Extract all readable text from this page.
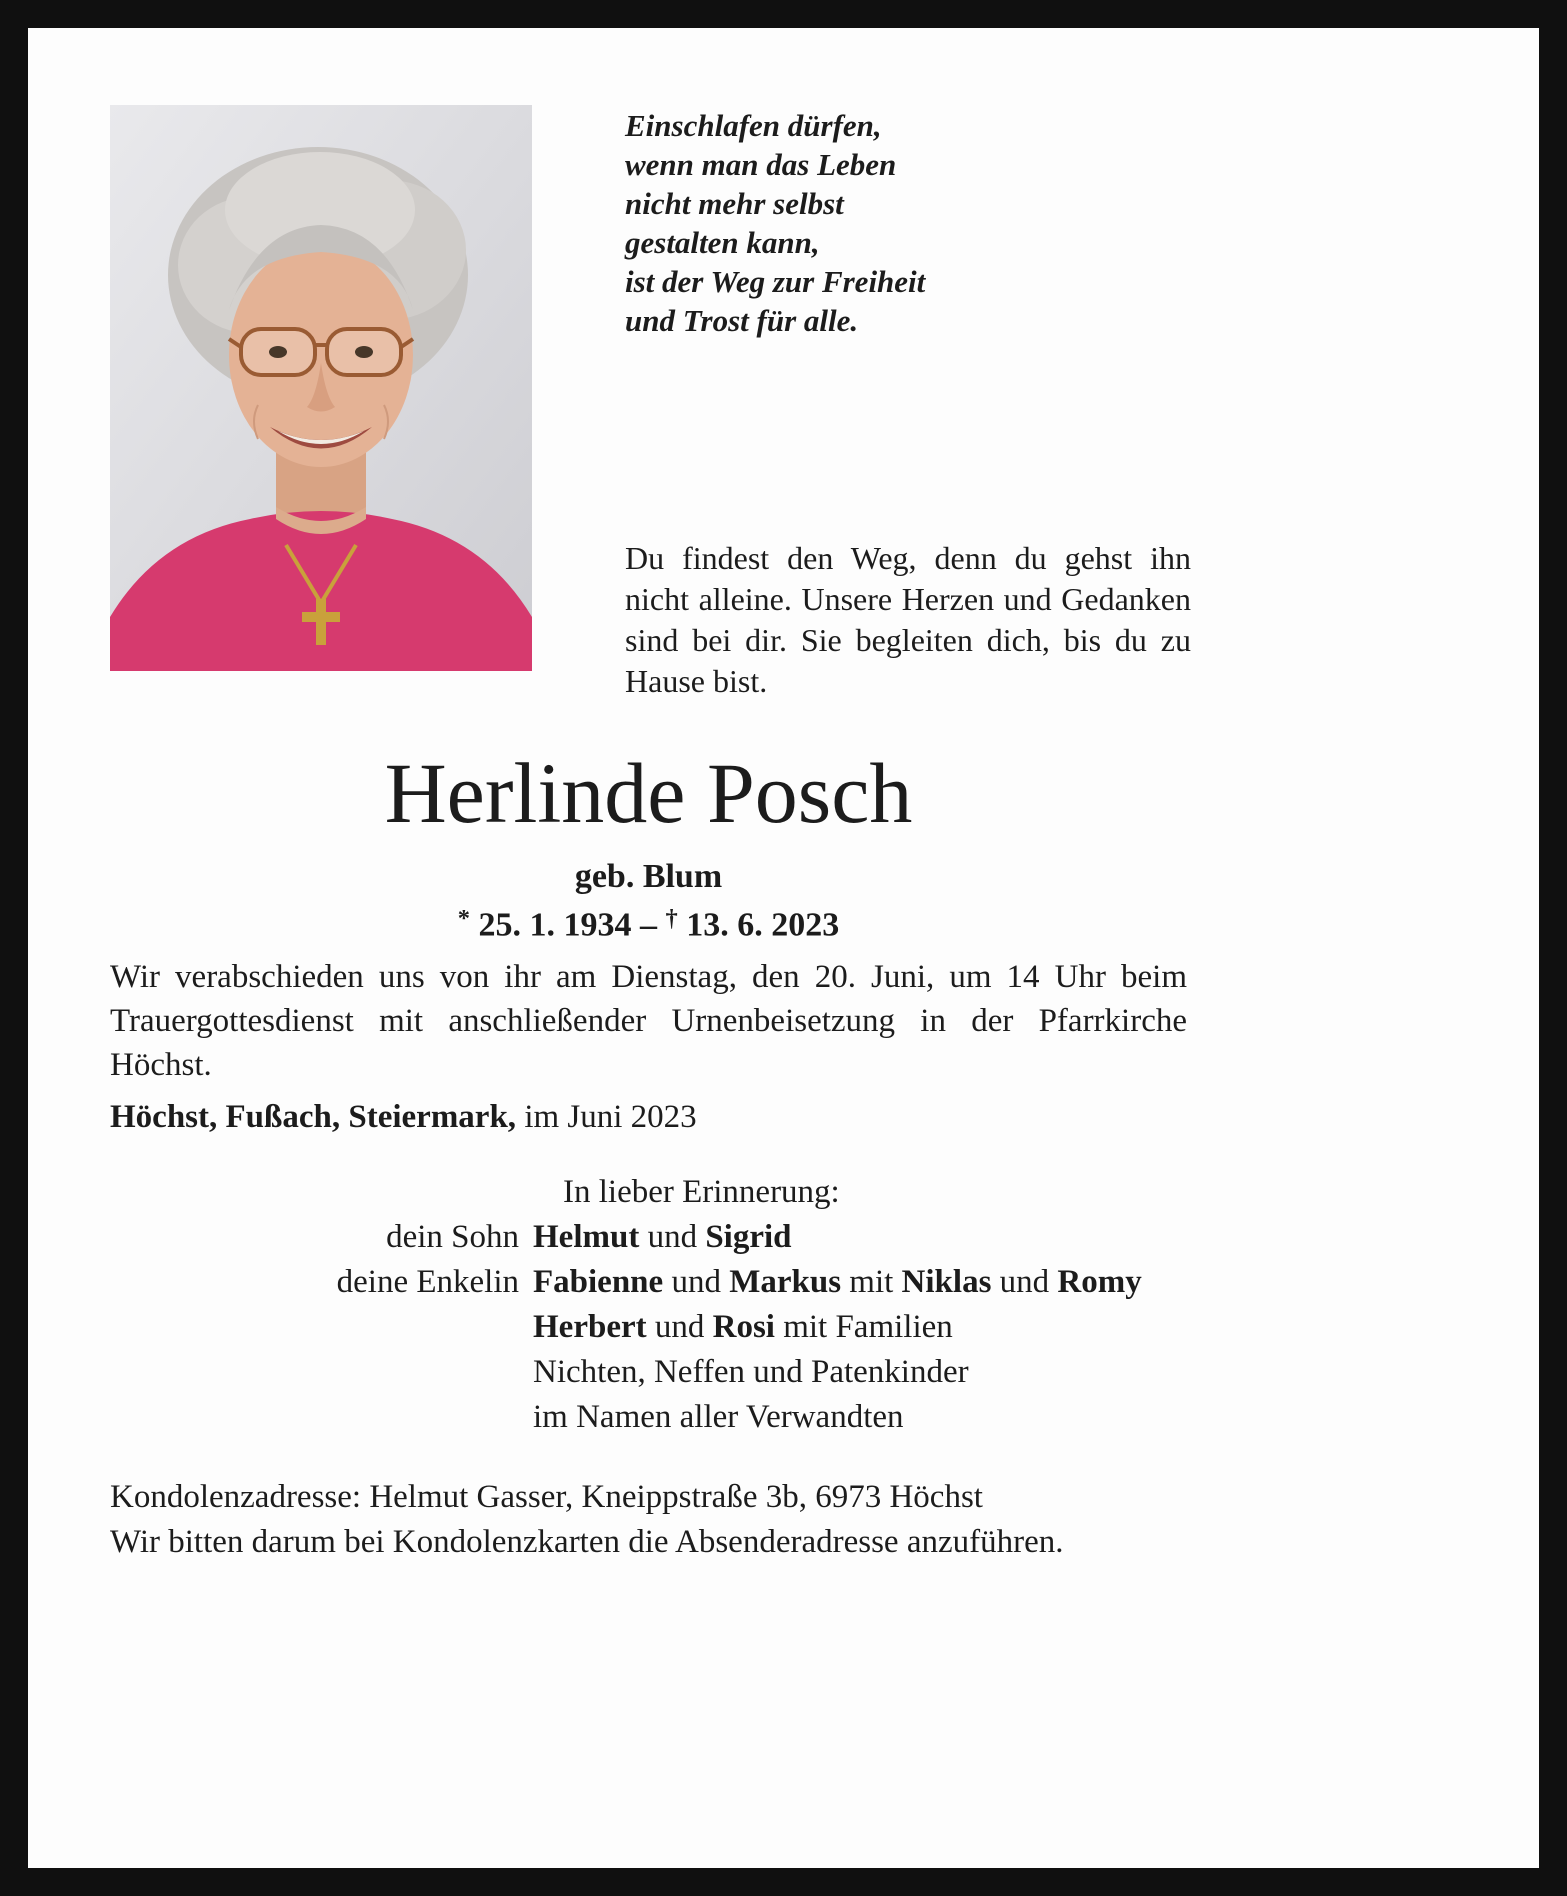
Einschlafen dürfen,
wenn man das Leben
nicht mehr selbst
gestalten kann,
ist der Weg zur Freiheit
und Trost für alle.
Du findest den Weg, denn du gehst ihn nicht alleine. Unsere Herzen und Gedanken sind bei dir. Sie begleiten dich, bis du zu Hause bist.
Herlinde Posch
geb. Blum
* 25. 1. 1934 – † 13. 6. 2023
Wir verabschieden uns von ihr am Dienstag, den 20. Juni, um 14 Uhr beim Trauergottesdienst mit anschließender Urnenbeisetzung in der Pfarrkirche Höchst.
Höchst, Fußach, Steiermark, im Juni 2023
In lieber Erinnerung:
dein Sohn Helmut und Sigrid
deine Enkelin Fabienne und Markus mit Niklas und Romy
Herbert und Rosi mit Familien
Nichten, Neffen und Patenkinder
im Namen aller Verwandten
Kondolenzadresse: Helmut Gasser, Kneippstraße 3b, 6973 Höchst
Wir bitten darum bei Kondolenzkarten die Absenderadresse anzuführen.
